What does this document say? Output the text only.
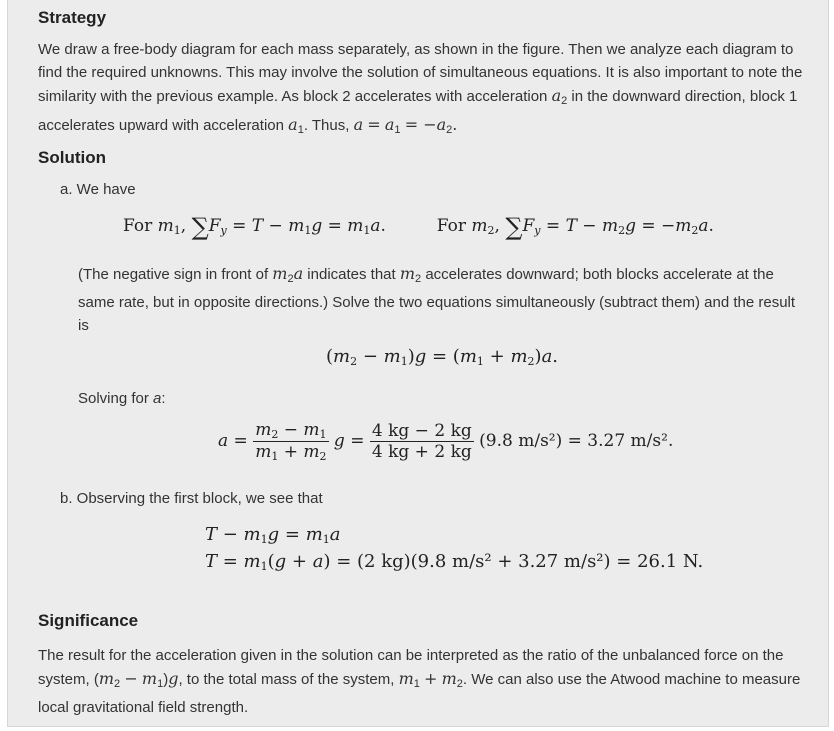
Strategy

We draw a free-body diagram for each mass separately, as shown in the figure. Then we analyze each diagram to find the required unknowns. This may involve the solution of simultaneous equations. It is also important to note the similarity with the previous example. As block 2 accelerates with acceleration $a_2$ in the downward direction, block 1 accelerates upward with acceleration $a_1$. Thus, $a = a_1 = -a_2$.

Solution
a. We have
For $m_1$, $\sum F_y = T - m_1g = m_1a$.	For $m_2$, $\sum F_y = T - m_2g = -m_2a$.

(The negative sign in front of $m_2a$ indicates that $m_2$ accelerates downward; both blocks accelerate at the same rate, but in opposite directions.) Solve the two equations simultaneously (subtract them) and the result is

$(m_2 - m_1)g = (m_1 + m_2)a$.
Solving for a:
$a = \frac{m_2 - m_1}{m_1 + m_2}$ $g = \frac{4 kg - 2 kg}{4 kg + 2 kg} (9.8$ m/s²) = 3.27 m/s².
b. Observing the first block, we see that
$T - m_1g = m_1a$
$T = m_1(g + a) = (2$ kg)(9.8 m/s² + 3.27 m/s²) = 26.1 N.
Significance

The result for the acceleration given in the solution can be interpreted as the ratio of the unbalanced force on the system, $(m_2 - m_1)g$, to the total mass of the system, $m_1 + m_2$. We can also use the Atwood machine to measure local gravitational field strength.
